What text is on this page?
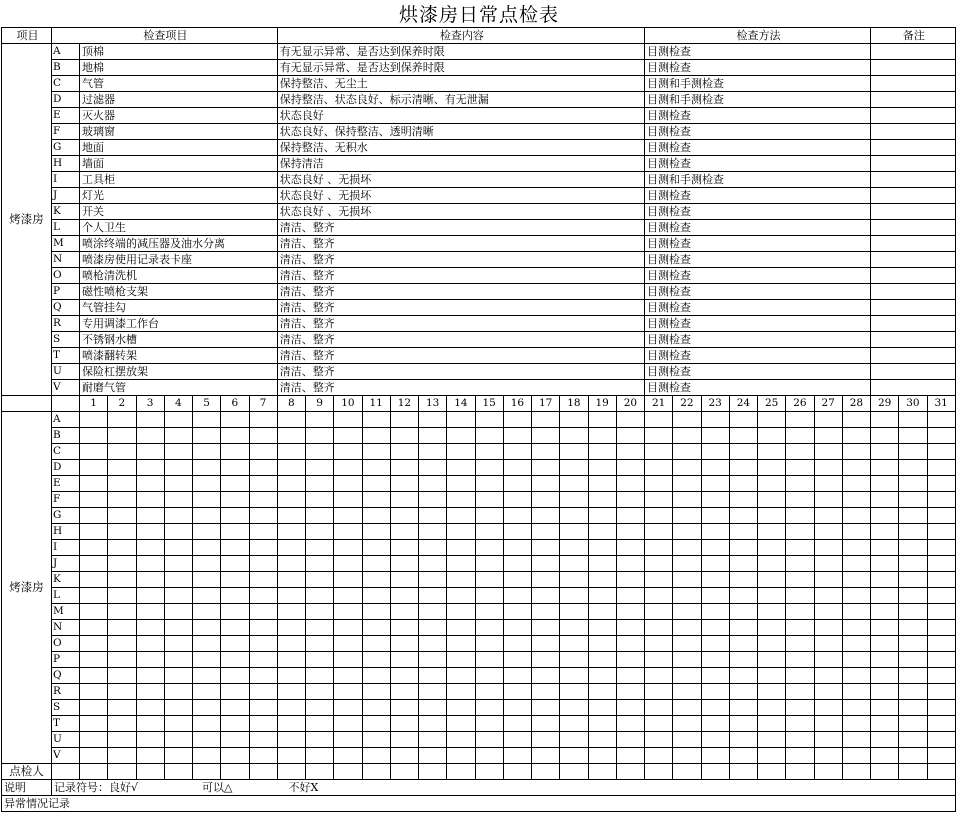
烘漆房日常点检表
项目	检查项目								检查内容													检查方法								备注		
烤漆房	A	顶棉							有无显示异常、是否达到保养时限													目测检查										
	B	地棉							有无显示异常、是否达到保养时限													目测检查										
	C	气管							保持整洁、无尘土													目测和手测检查										
	D	过滤器							保持整洁、状态良好、标示清晰、有无泄漏													目测和手测检查										
	E	灭火器							状态良好													目测检查										
	F	玻璃窗							状态良好、保持整洁、透明清晰													目测检查										
	G	地面							保持整洁、无积水													目测检查										
	H	墙面							保持清洁													目测检查										
	I	工具柜							状态良好 、无损坏													目测和手测检查										
	J	灯光							状态良好 、无损坏													目测检查										
	K	开关							状态良好 、无损坏													目测检查										
	L	个人卫生							清洁、整齐													目测检查										
	M	喷涂终端的减压器及油水分离							清洁、整齐													目测检查										
	N	喷漆房使用记录表卡座							清洁、整齐													目测检查										
	O	喷枪清洗机							清洁、整齐													目测检查										
	P	磁性喷枪支架							清洁、整齐													目测检查										
	Q	气管挂勾							清洁、整齐													目测检查										
	R	专用调漆工作台							清洁、整齐													目测检查										
	S	不锈钢水槽							清洁、整齐													目测检查										
	T	喷漆翻转架							清洁、整齐													目测检查										
	U	保险杠摆放架							清洁、整齐													目测检查										
	V	耐磨气管							清洁、整齐													目测检查										
		1	2	3	4	5	6	7	8	9	10	11	12	13	14	15	16	17	18	19	20	21	22	23	24	25	26	27	28	29	30	31
烤漆房	A																															
	B																															
	C																															
	D																															
	E																															
	F																															
	G																															
	H																															
	I																															
	J																															
	K																															
	L																															
	M																															
	N																															
	O																															
	P																															
	Q																															
	R																															
	S																															
	T																															
	U																															
	V																															
点检人																																
说明	记录符号：良好√ 可以△ 不好X																															
异常情况记录																																
